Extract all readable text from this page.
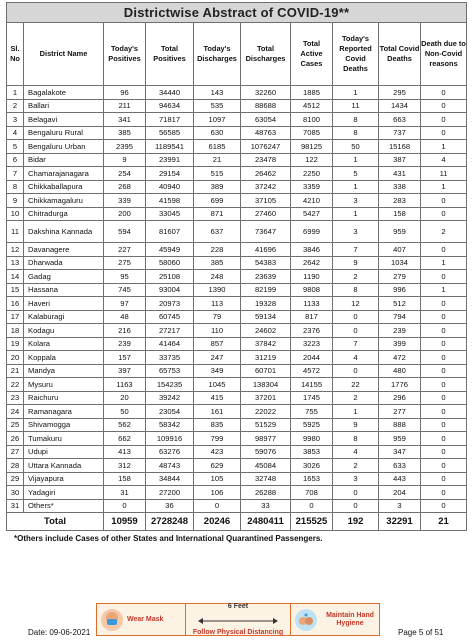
Districtwise Abstract of COVID-19**									
Sl. No	District Name	Today's Positives	Total Positives	Today's Discharges	Total Discharges	Total Active Cases	Today's Reported Covid Deaths	Total Covid Deaths	Death due to Non-Covid reasons
1	Bagalakote	96	34440	143	32260	1885	1	295	0
2	Ballari	211	94634	535	88688	4512	11	1434	0
3	Belagavi	341	71817	1097	63054	8100	8	663	0
4	Bengaluru Rural	385	56585	630	48763	7085	8	737	0
5	Bengaluru Urban	2395	1189541	6185	1076247	98125	50	15168	1
6	Bidar	9	23991	21	23478	122	1	387	4
7	Chamarajanagara	254	29154	515	26462	2250	5	431	11
8	Chikkaballapura	268	40940	389	37242	3359	1	338	1
9	Chikkamagaluru	339	41598	699	37105	4210	3	283	0
10	Chitradurga	200	33045	871	27460	5427	1	158	0
11	Dakshina Kannada	594	81607	637	73647	6999	3	959	2
12	Davanagere	227	45949	228	41696	3846	7	407	0
13	Dharwada	275	58060	385	54383	2642	9	1034	1
14	Gadag	95	25108	248	23639	1190	2	279	0
15	Hassana	745	93004	1390	82199	9808	8	996	1
16	Haveri	97	20973	113	19328	1133	12	512	0
17	Kalaburagi	48	60745	79	59134	817	0	794	0
18	Kodagu	216	27217	110	24602	2376	0	239	0
19	Kolara	239	41464	857	37842	3223	7	399	0
20	Koppala	157	33735	247	31219	2044	4	472	0
21	Mandya	397	65753	349	60701	4572	0	480	0
22	Mysuru	1163	154235	1045	138304	14155	22	1776	0
23	Raichuru	20	39242	415	37201	1745	2	296	0
24	Ramanagara	50	23054	161	22022	755	1	277	0
25	Shivamogga	562	58342	835	51529	5925	9	888	0
26	Tumakuru	662	109916	799	98977	9980	8	959	0
27	Udupi	413	63276	423	59076	3853	4	347	0
28	Uttara Kannada	312	48743	629	45084	3026	2	633	0
29	Vijayapura	158	34844	105	32748	1653	3	443	0
30	Yadagiri	31	27200	106	26288	708	0	204	0
31	Others*	0	36	0	33	0	0	3	0
Total		10959	2728248	20246	2480411	215525	192	32291	21
*Others include Cases of other States and International Quarantined Passengers.
Wear Mask
6 Feet
Follow Physical Distancing
Maintain Hand Hygiene
Date: 09-06-2021	Page 5 of 51
